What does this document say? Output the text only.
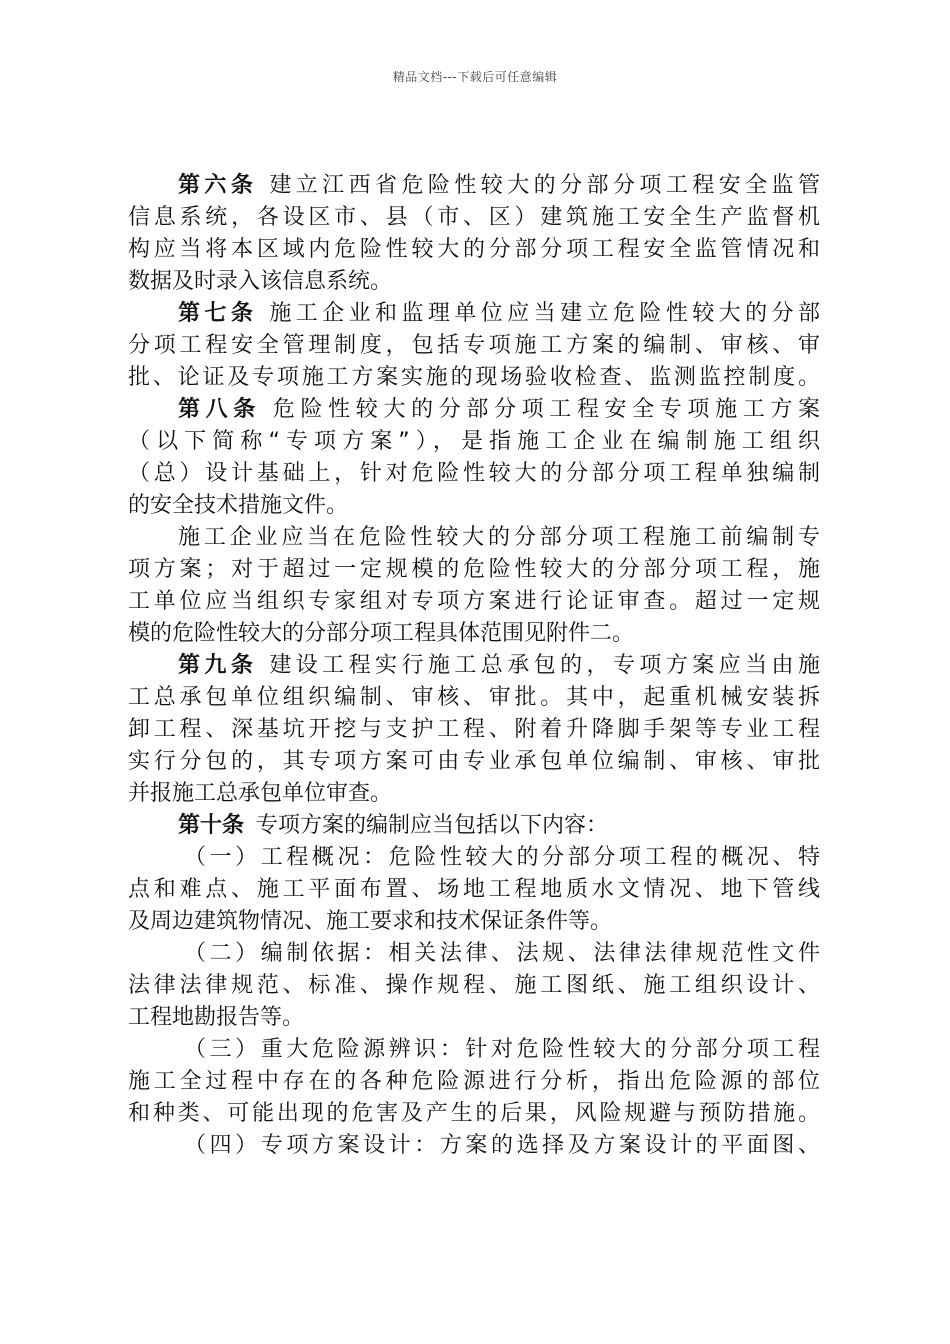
精品文档---下载后可任意编辑
第六条 建立江西省危险性较大的分部分项工程安全监管
信息系统，各设区市、县（市、区）建筑施工安全生产监督机
构应当将本区域内危险性较大的分部分项工程安全监管情况和
数据及时录入该信息系统。
第七条 施工企业和监理单位应当建立危险性较大的分部
分项工程安全管理制度，包括专项施工方案的编制、审核、审
批、论证及专项施工方案实施的现场验收检查、监测监控制度。
第八条 危险性较大的分部分项工程安全专项施工方案
（以下简称“专项方案”），是指施工企业在编制施工组织
（总）设计基础上，针对危险性较大的分部分项工程单独编制
的安全技术措施文件。
施工企业应当在危险性较大的分部分项工程施工前编制专
项方案；对于超过一定规模的危险性较大的分部分项工程，施
工单位应当组织专家组对专项方案进行论证审查。超过一定规
模的危险性较大的分部分项工程具体范围见附件二。
第九条 建设工程实行施工总承包的，专项方案应当由施
工总承包单位组织编制、审核、审批。其中，起重机械安装拆
卸工程、深基坑开挖与支护工程、附着升降脚手架等专业工程
实行分包的，其专项方案可由专业承包单位编制、审核、审批
并报施工总承包单位审查。
第十条 专项方案的编制应当包括以下内容：
（一）工程概况：危险性较大的分部分项工程的概况、特
点和难点、施工平面布置、场地工程地质水文情况、地下管线
及周边建筑物情况、施工要求和技术保证条件等。
（二）编制依据：相关法律、法规、法律法律规范性文件
法律法律规范、标准、操作规程、施工图纸、施工组织设计、
工程地勘报告等。
（三）重大危险源辨识：针对危险性较大的分部分项工程
施工全过程中存在的各种危险源进行分析，指出危险源的部位
和种类、可能出现的危害及产生的后果，风险规避与预防措施。
（四）专项方案设计：方案的选择及方案设计的平面图、
